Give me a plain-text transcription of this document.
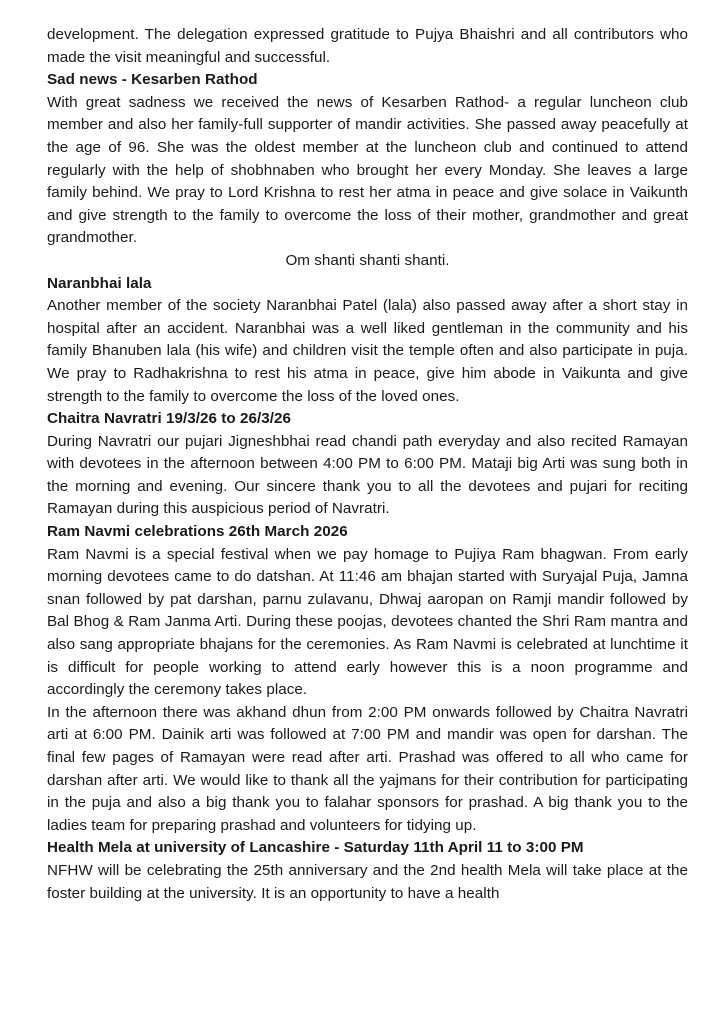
development. The delegation expressed gratitude to Pujya Bhaishri and all contributors who made the visit meaningful and successful.

Sad news - Kesarben Rathod

With great sadness we received the news of Kesarben Rathod- a regular luncheon club member and also her family-full supporter of mandir activities. She passed away peacefully at the age of 96. She was the oldest member at the luncheon club and continued to attend regularly with the help of shobhnaben who brought her every Monday. She leaves a large family behind. We pray to Lord Krishna to rest her atma in peace and give solace in Vaikunth and give strength to the family to overcome the loss of their mother, grandmother and great grandmother.

Om shanti shanti shanti.

Naranbhai lala

Another member of the society Naranbhai Patel (lala) also passed away after a short stay in hospital after an accident. Naranbhai was a well liked gentleman in the community and his family Bhanuben lala (his wife) and children visit the temple often and also participate in puja. We pray to Radhakrishna to rest his atma in peace, give him abode in Vaikunta and give strength to the family to overcome the loss of the loved ones.

Chaitra Navratri 19/3/26 to 26/3/26

During Navratri our pujari Jigneshbhai read chandi path everyday and also recited Ramayan with devotees in the afternoon between 4:00 PM to 6:00 PM. Mataji big Arti was sung both in the morning and evening. Our sincere thank you to all the devotees and pujari for reciting Ramayan during this auspicious period of Navratri.

Ram Navmi celebrations 26th March 2026

Ram Navmi is a special festival when we pay homage to Pujiya Ram bhagwan. From early morning devotees came to do datshan. At 11:46 am bhajan started with Suryajal Puja, Jamna snan followed by pat darshan, parnu zulavanu, Dhwaj aaropan on Ramji mandir followed by Bal Bhog & Ram Janma Arti. During these poojas, devotees chanted the Shri Ram mantra and also sang appropriate bhajans for the ceremonies. As Ram Navmi is celebrated at lunchtime it is difficult for people working to attend early however this is a noon programme and accordingly the ceremony takes place.

In the afternoon there was akhand dhun from 2:00 PM onwards followed by Chaitra Navratri arti at 6:00 PM. Dainik arti was followed at 7:00 PM and mandir was open for darshan. The final few pages of Ramayan were read after arti. Prashad was offered to all who came for darshan after arti. We would like to thank all the yajmans for their contribution for participating in the puja and also a big thank you to falahar sponsors for prashad. A big thank you to the ladies team for preparing prashad and volunteers for tidying up.

Health Mela at university of Lancashire - Saturday 11th April 11 to 3:00 PM

NFHW will be celebrating the 25th anniversary and the 2nd health Mela will take place at the foster building at the university. It is an opportunity to have a health
